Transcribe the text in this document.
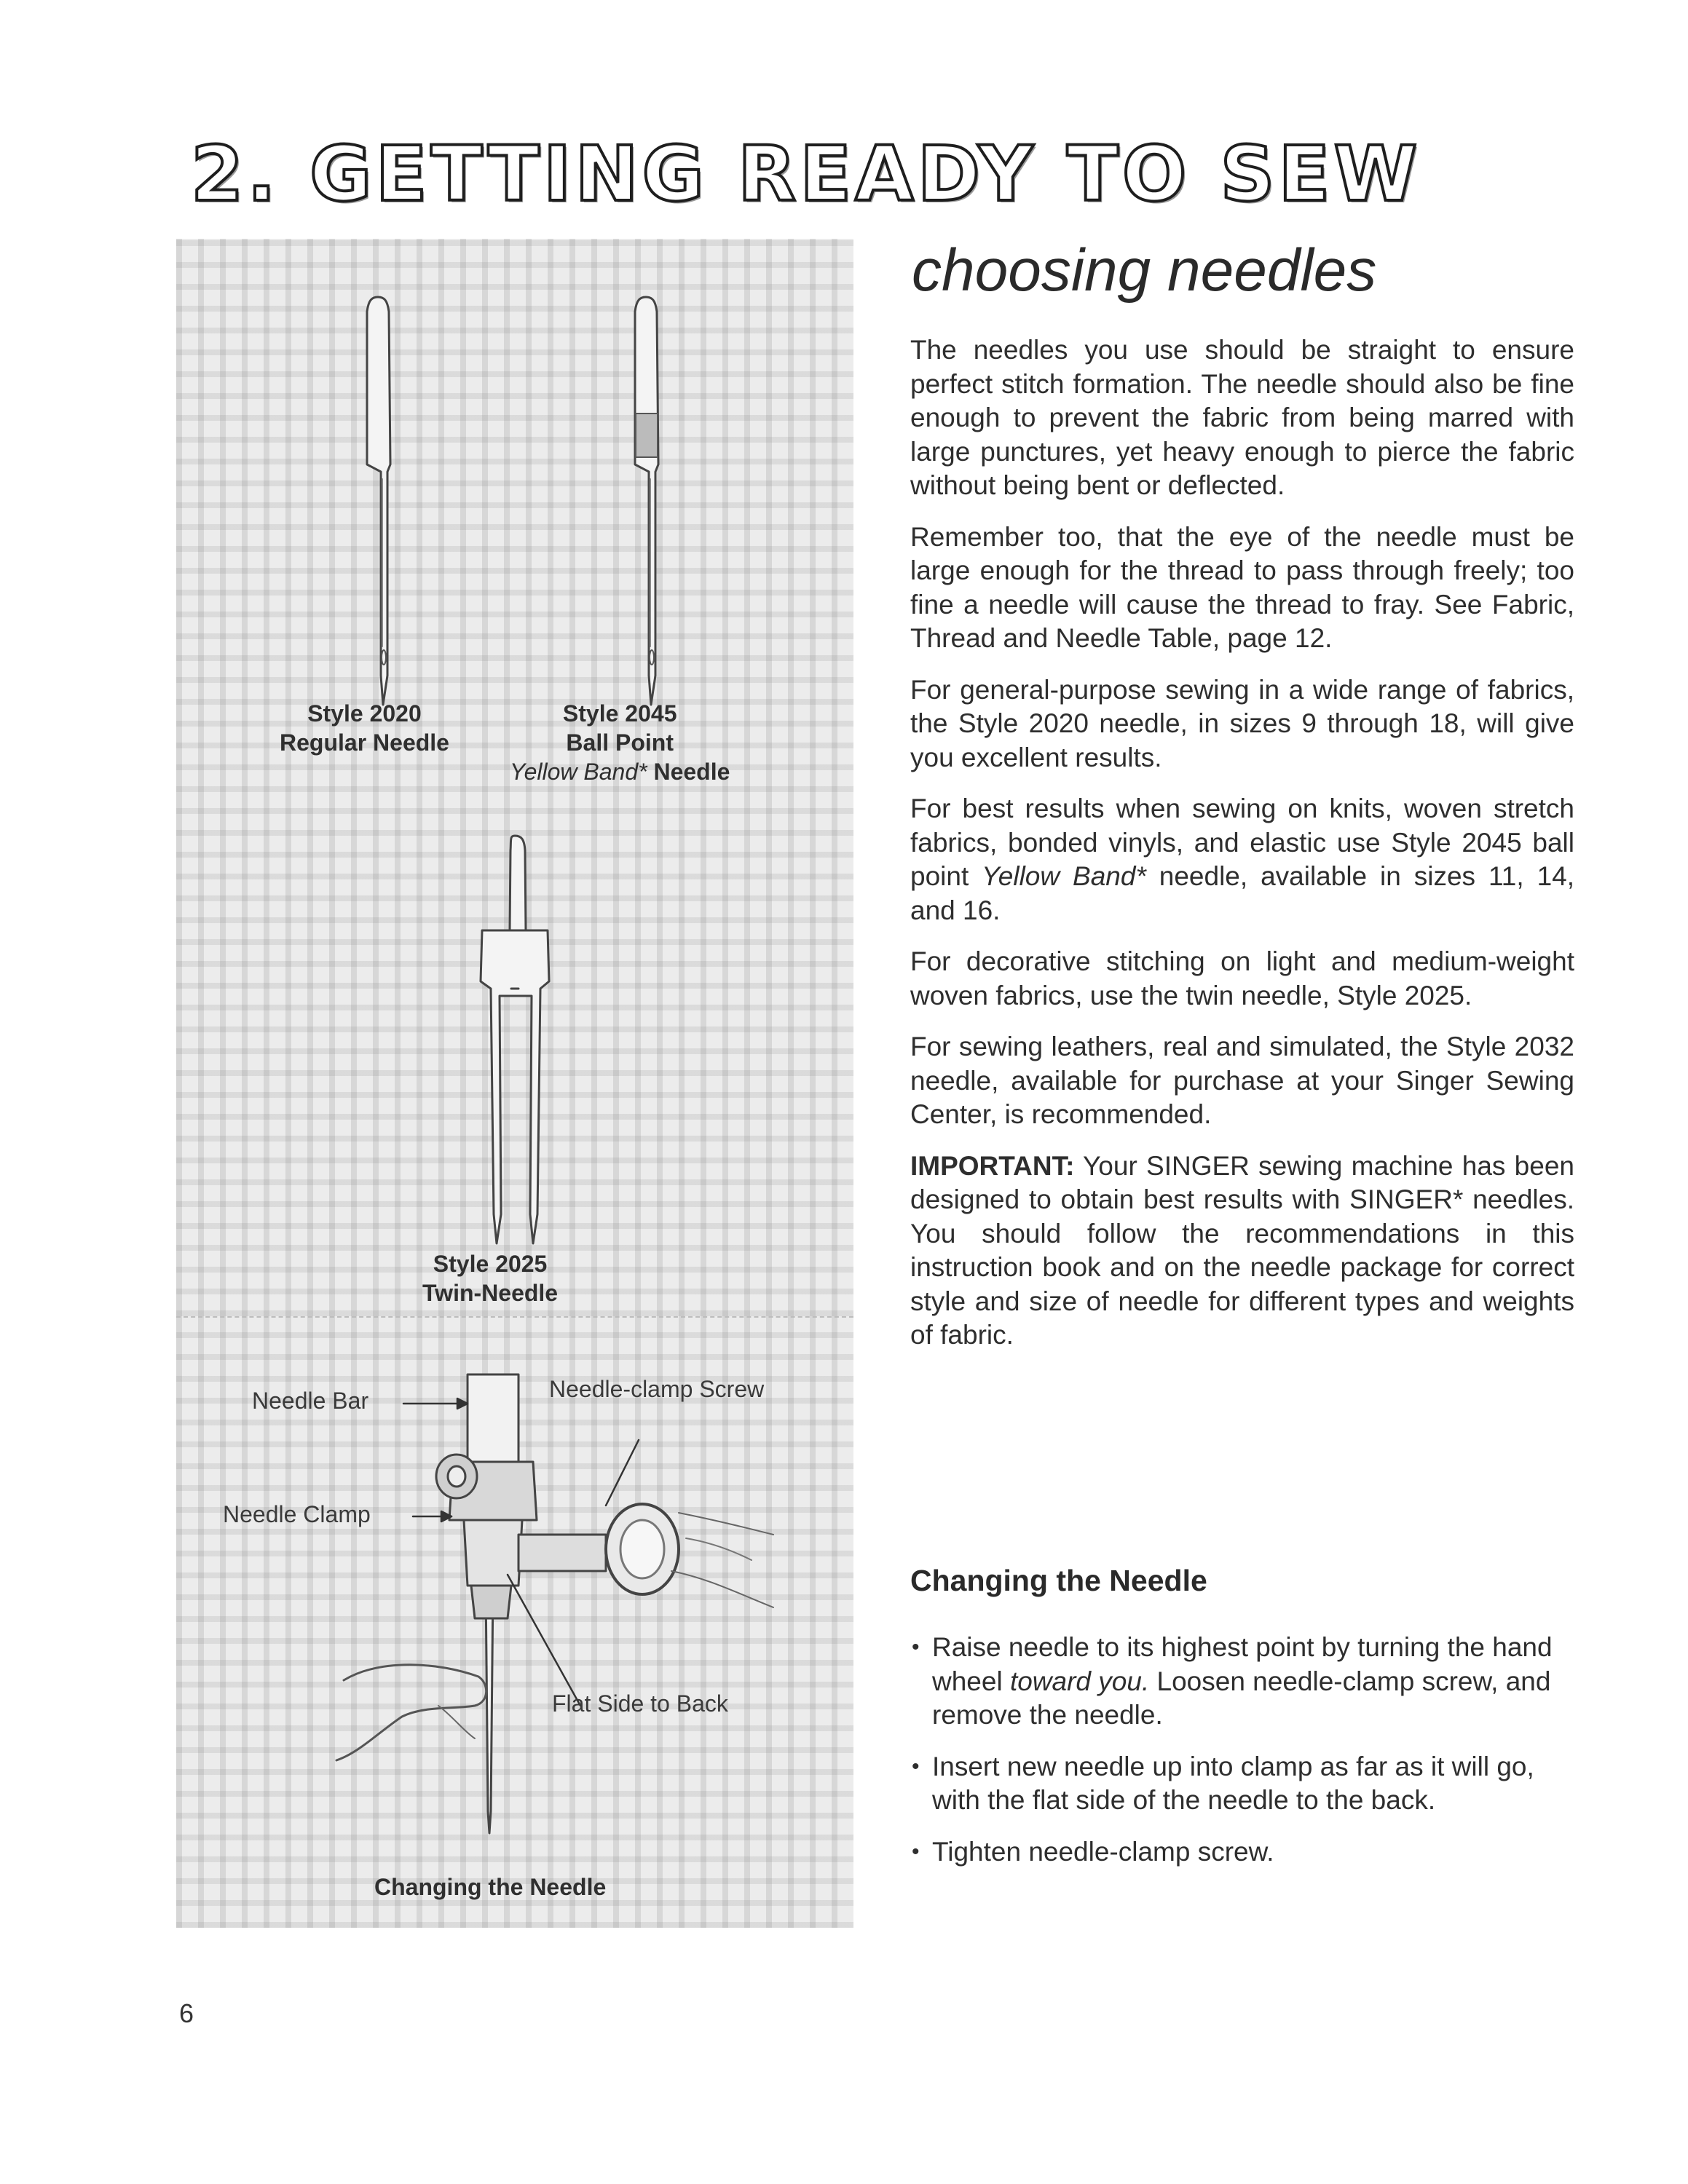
2. GETTING READY TO SEW
Style 2020
Regular Needle
Style 2045
Ball Point
Yellow Band* Needle
Style 2025
Twin-Needle
Needle Bar	Needle-clamp Screw
Needle Clamp
Flat Side to Back
Changing the Needle
choosing needles

The needles you use should be straight to ensure perfect stitch formation. The needle should also be fine enough to prevent the fabric from being marred with large punctures, yet heavy enough to pierce the fabric without being bent or deflected.

Remember too, that the eye of the needle must be large enough for the thread to pass through freely; too fine a needle will cause the thread to fray. See Fabric, Thread and Needle Table, page 12.

For general-purpose sewing in a wide range of fabrics, the Style 2020 needle, in sizes 9 through 18, will give you excellent results.

For best results when sewing on knits, woven stretch fabrics, bonded vinyls, and elastic use Style 2045 ball point Yellow Band* needle, available in sizes 11, 14, and 16.

For decorative stitching on light and medium-weight woven fabrics, use the twin needle, Style 2025.

For sewing leathers, real and simulated, the Style 2032 needle, available for purchase at your Singer Sewing Center, is recommended.

IMPORTANT: Your SINGER sewing machine has been designed to obtain best results with SINGER* needles. You should follow the recommendations in this instruction book and on the needle package for correct style and size of needle for different types and weights of fabric.

Changing the Needle
• Raise needle to its highest point by turning the hand wheel toward you. Loosen needle-clamp screw, and remove the needle.
• Insert new needle up into clamp as far as it will go, with the flat side of the needle to the back.
• Tighten needle-clamp screw.
6
